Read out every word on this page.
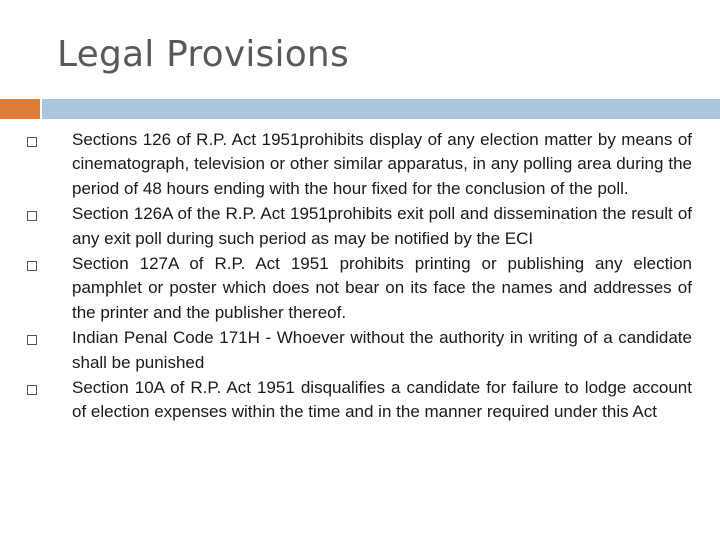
Legal Provisions
Sections 126 of R.P. Act 1951prohibits display of any election matter by means of cinematograph, television or other similar apparatus, in any polling area during the period of 48 hours ending with the hour fixed for the conclusion of the poll.
Section 126A of the R.P. Act 1951prohibits exit poll and dissemination the result of any exit poll during such period as may be notified by the ECI
Section 127A of R.P. Act 1951 prohibits printing or publishing any election pamphlet or poster which does not bear on its face the names and addresses of the printer and the publisher thereof.
Indian Penal Code 171H - Whoever without the authority in writing of a candidate shall be punished
Section 10A of R.P. Act 1951 disqualifies a candidate for failure to lodge account of election expenses within the time and in the manner required under this Act
